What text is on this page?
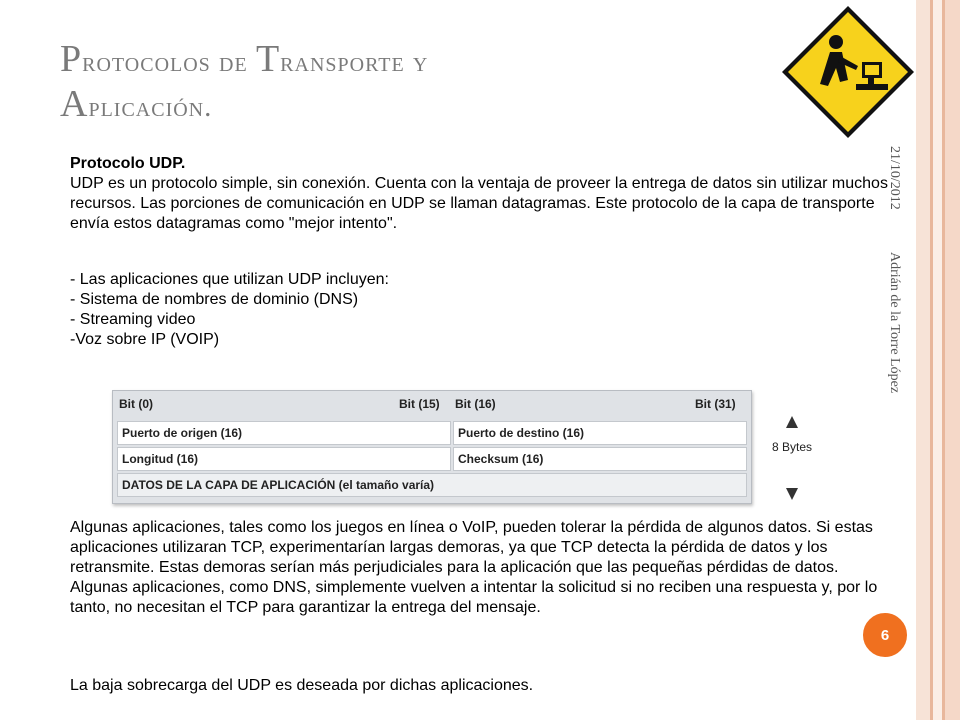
Protocolos de Transporte y
Aplicación.
21/10/2012
Adrián de la Torre López

Protocolo UDP.

UDP es un protocolo simple, sin conexión. Cuenta con la ventaja de proveer la entrega de datos sin utilizar muchos recursos. Las porciones de comunicación en UDP se llaman datagramas. Este protocolo de la capa de transporte envía estos datagramas como "mejor intento".

- Las aplicaciones que utilizan UDP incluyen:

- Sistema de nombres de dominio (DNS)

- Streaming video

-Voz sobre IP (VOIP)

Bit (0)	Bit (15) Bit (16)	Bit (31)
Puerto de origen (16)	Puerto de destino (16)
Longitud (16)	Checksum (16)
DATOS DE LA CAPA DE APLICACIÓN (el tamaño varía)
8 Bytes

Algunas aplicaciones, tales como los juegos en línea o VoIP, pueden tolerar la pérdida de algunos datos. Si estas aplicaciones utilizaran TCP, experimentarían largas demoras, ya que TCP detecta la pérdida de datos y los retransmite. Estas demoras serían más perjudiciales para la aplicación que las pequeñas pérdidas de datos. Algunas aplicaciones, como DNS, simplemente vuelven a intentar la solicitud si no reciben una respuesta y, por lo tanto, no necesitan el TCP para garantizar la entrega del mensaje.

La baja sobrecarga del UDP es deseada por dichas aplicaciones.

6
